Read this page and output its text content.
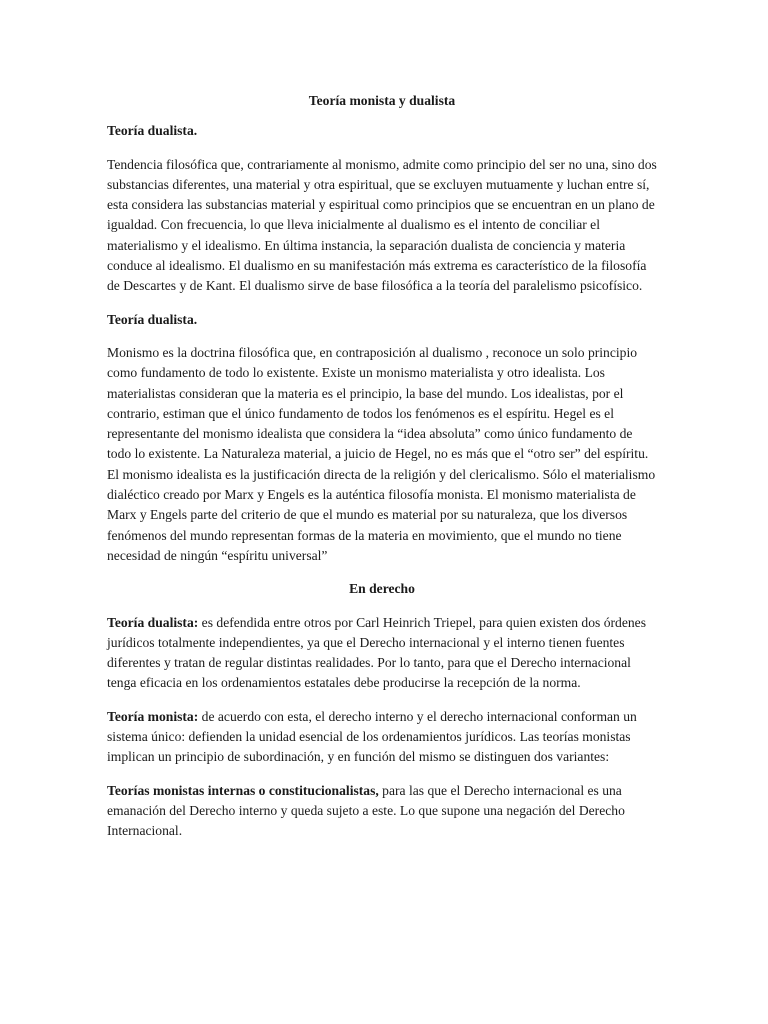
Teoría monista y dualista
Teoría dualista.
Tendencia filosófica que, contrariamente al monismo, admite como principio del ser no una, sino dos substancias diferentes, una material y otra espiritual, que se excluyen mutuamente y luchan entre sí, esta considera las substancias material y espiritual como principios que se encuentran en un plano de igualdad. Con frecuencia, lo que lleva inicialmente al dualismo es el intento de conciliar el materialismo y el idealismo. En última instancia, la separación dualista de conciencia y materia conduce al idealismo. El dualismo en su manifestación más extrema es característico de la filosofía de Descartes y de Kant. El dualismo sirve de base filosófica a la teoría del paralelismo psicofísico.
Teoría dualista.
Monismo es la doctrina filosófica que, en contraposición al dualismo , reconoce un solo principio como fundamento de todo lo existente. Existe un monismo materialista y otro idealista. Los materialistas consideran que la materia es el principio, la base del mundo. Los idealistas, por el contrario, estiman que el único fundamento de todos los fenómenos es el espíritu. Hegel es el representante del monismo idealista que considera la “idea absoluta” como único fundamento de todo lo existente. La Naturaleza material, a juicio de Hegel, no es más que el “otro ser” del espíritu. El monismo idealista es la justificación directa de la religión y del clericalismo. Sólo el materialismo dialéctico creado por Marx y Engels es la auténtica filosofía monista. El monismo materialista de Marx y Engels parte del criterio de que el mundo es material por su naturaleza, que los diversos fenómenos del mundo representan formas de la materia en movimiento, que el mundo no tiene necesidad de ningún “espíritu universal”
En derecho
Teoría dualista: es defendida entre otros por Carl Heinrich Triepel, para quien existen dos órdenes jurídicos totalmente independientes, ya que el Derecho internacional y el interno tienen fuentes diferentes y tratan de regular distintas realidades. Por lo tanto, para que el Derecho internacional tenga eficacia en los ordenamientos estatales debe producirse la recepción de la norma.
Teoría monista: de acuerdo con esta, el derecho interno y el derecho internacional conforman un sistema único: defienden la unidad esencial de los ordenamientos jurídicos. Las teorías monistas implican un principio de subordinación, y en función del mismo se distinguen dos variantes:
Teorías monistas internas o constitucionalistas, para las que el Derecho internacional es una emanación del Derecho interno y queda sujeto a este. Lo que supone una negación del Derecho Internacional.
